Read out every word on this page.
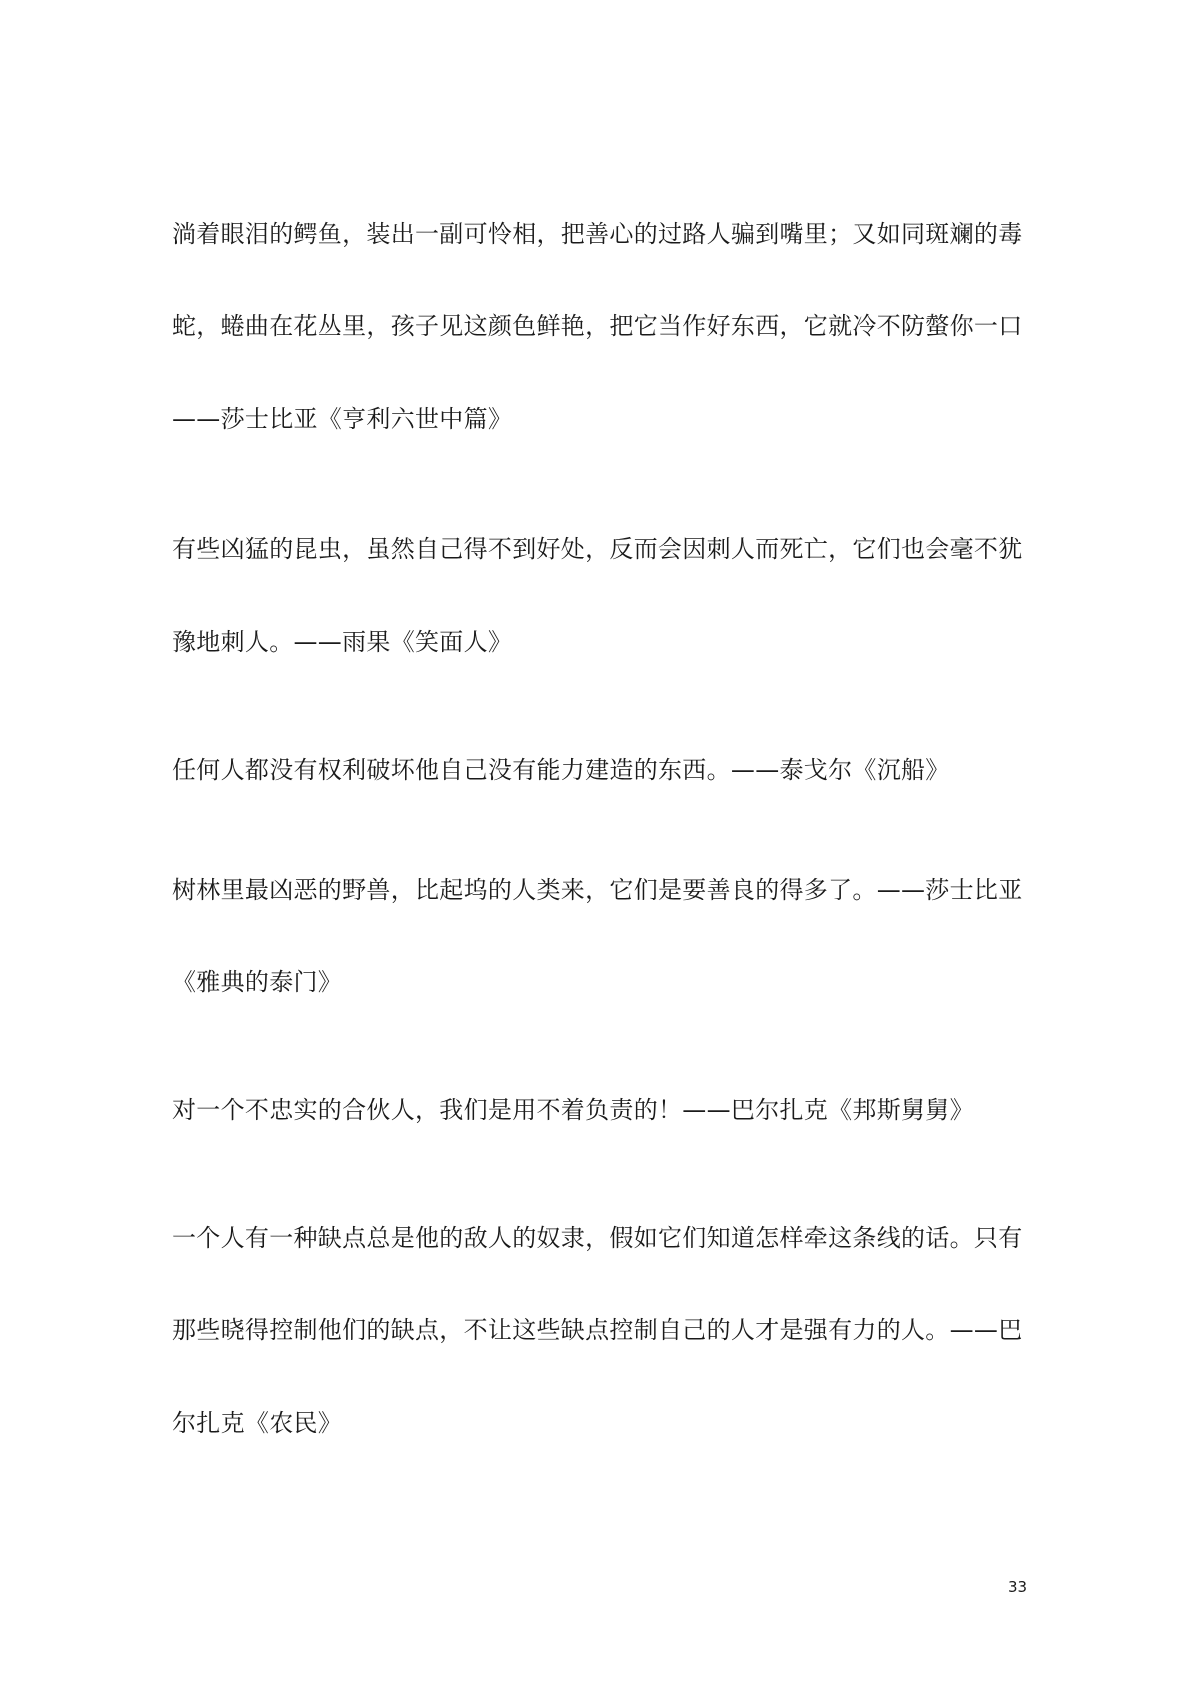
淌着眼泪的鳄鱼，装出一副可怜相，把善心的过路人骗到嘴里；又如同斑斓的毒
蛇，蜷曲在花丛里，孩子见这颜色鲜艳，把它当作好东西，它就冷不防螫你一口
——莎士比亚《亨利六世中篇》
有些凶猛的昆虫，虽然自己得不到好处，反而会因刺人而死亡，它们也会毫不犹
豫地刺人。——雨果《笑面人》
任何人都没有权利破坏他自己没有能力建造的东西。——泰戈尔《沉船》
树林里最凶恶的野兽，比起坞的人类来，它们是要善良的得多了。——莎士比亚
《雅典的泰门》
对一个不忠实的合伙人，我们是用不着负责的！——巴尔扎克《邦斯舅舅》
一个人有一种缺点总是他的敌人的奴隶，假如它们知道怎样牵这条线的话。只有
那些晓得控制他们的缺点，不让这些缺点控制自己的人才是强有力的人。——巴
尔扎克《农民》
33
